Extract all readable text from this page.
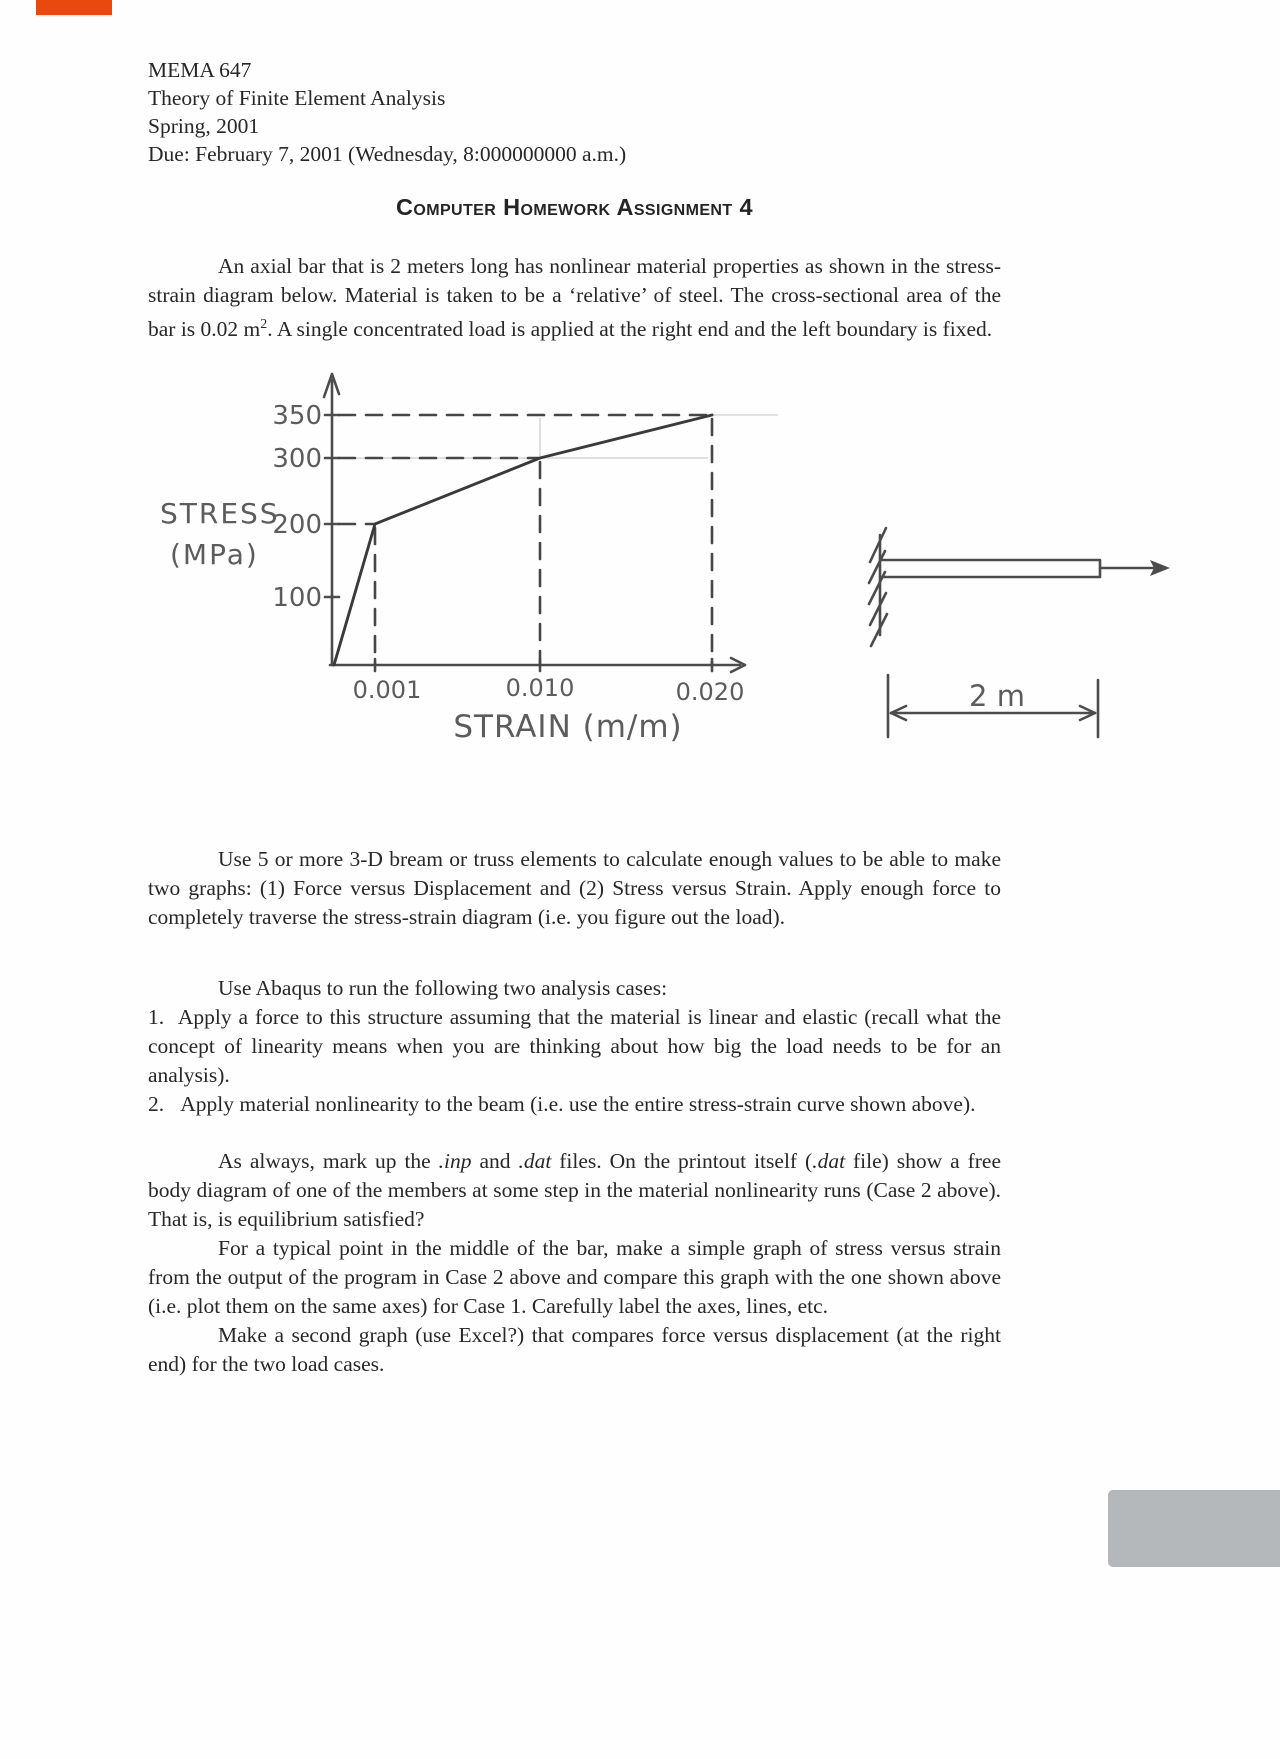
MEMA 647
Theory of Finite Element Analysis
Spring, 2001
Due: February 7, 2001 (Wednesday, 8:000000000 a.m.)
Computer Homework Assignment 4

An axial bar that is 2 meters long has nonlinear material properties as shown in the stress-strain diagram below. Material is taken to be a ‘relative’ of steel. The cross-sectional area of the bar is 0.02 $m^2$. A single concentrated load is applied at the right end and the left boundary is fixed.

350
300
200
100
0.001	0.010	0.020
STRESS
(MPa)
STRAIN (m/m)
2 m

Use 5 or more 3-D bream or truss elements to calculate enough values to be able to make two graphs: (1) Force versus Displacement and (2) Stress versus Strain. Apply enough force to completely traverse the stress-strain diagram (i.e. you figure out the load).

Use Abaqus to run the following two analysis cases:

1.  Apply a force to this structure assuming that the material is linear and elastic (recall what the concept of linearity means when you are thinking about how big the load needs to be for an analysis).

2.   Apply material nonlinearity to the beam (i.e. use the entire stress-strain curve shown above).

As always, mark up the .inp and .dat files. On the printout itself (.dat file) show a free body diagram of one of the members at some step in the material nonlinearity runs (Case 2 above). That is, is equilibrium satisfied?

For a typical point in the middle of the bar, make a simple graph of stress versus strain from the output of the program in Case 2 above and compare this graph with the one shown above (i.e. plot them on the same axes) for Case 1. Carefully label the axes, lines, etc.

Make a second graph (use Excel?) that compares force versus displacement (at the right end) for the two load cases.
